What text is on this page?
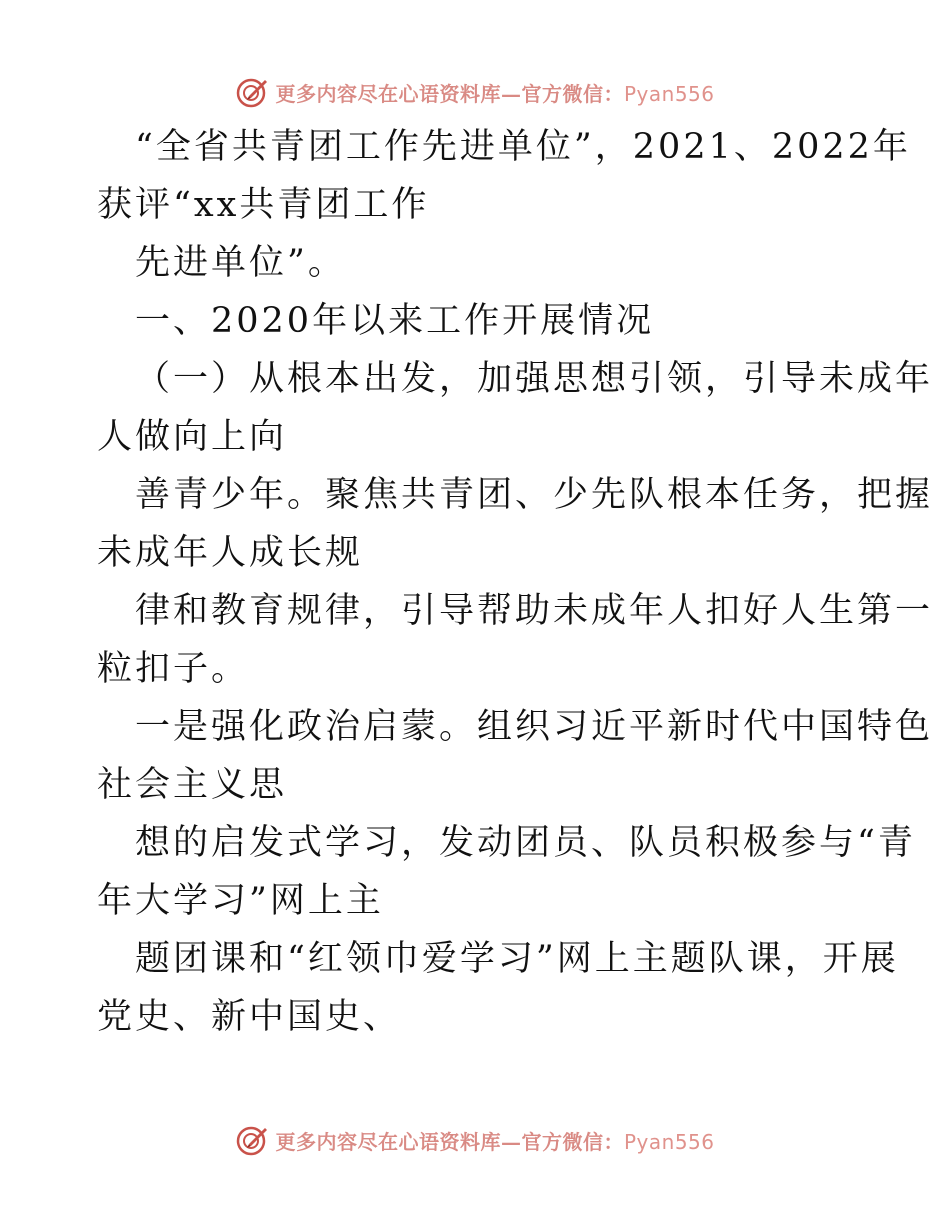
更多内容尽在心语资料库—官方微信：Pyan556
“全省共青团工作先进单位”，2021、2022年
获评“xx共青团工作
先进单位”。
一、2020年以来工作开展情况
（一）从根本出发，加强思想引领，引导未成年
人做向上向
善青少年。聚焦共青团、少先队根本任务，把握
未成年人成长规
律和教育规律，引导帮助未成年人扣好人生第一
粒扣子。
一是强化政治启蒙。组织习近平新时代中国特色
社会主义思
想的启发式学习，发动团员、队员积极参与“青
年大学习”网上主
题团课和“红领巾爱学习”网上主题队课，开展
党史、新中国史、
更多内容尽在心语资料库—官方微信：Pyan556
